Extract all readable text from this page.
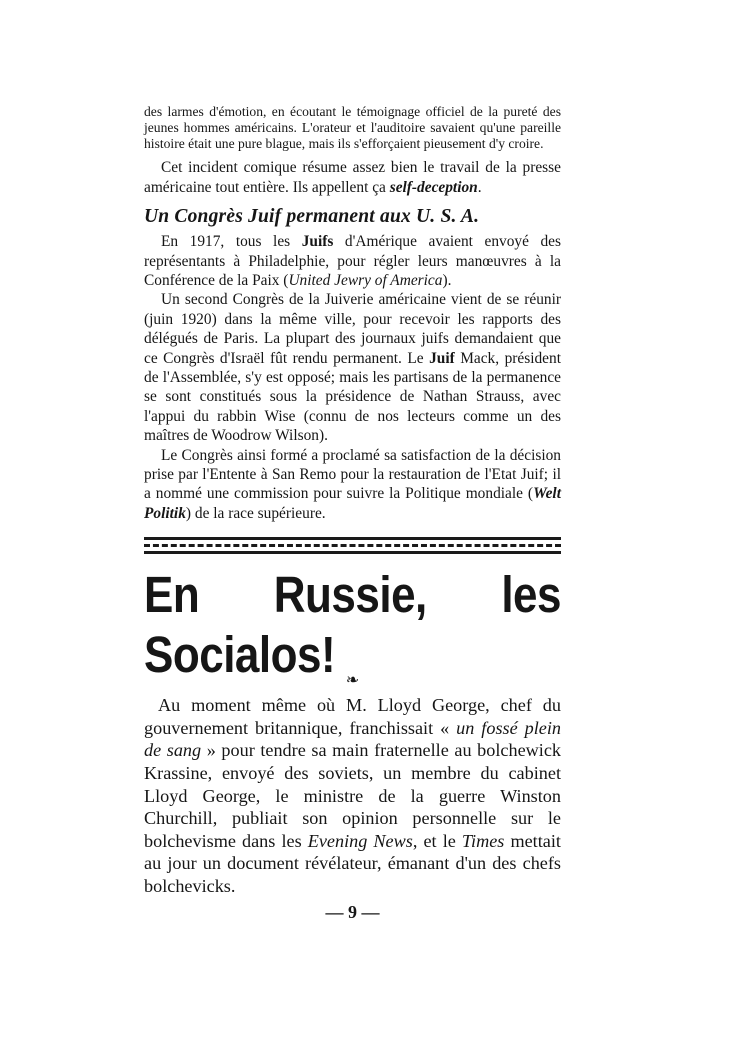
des larmes d'émotion, en écoutant le témoignage officiel de la pureté des jeunes hommes américains. L'orateur et l'auditoire savaient qu'une pareille histoire était une pure blague, mais ils s'efforçaient pieusement d'y croire.

Cet incident comique résume assez bien le travail de la presse américaine tout entière. Ils appellent ça self-deception.

Un Congrès Juif permanent aux U. S. A.

En 1917, tous les Juifs d'Amérique avaient envoyé des représentants à Philadelphie, pour régler leurs manœuvres à la Conférence de la Paix (United Jewry of America).

Un second Congrès de la Juiverie américaine vient de se réunir (juin 1920) dans la même ville, pour recevoir les rapports des délégués de Paris. La plupart des journaux juifs demandaient que ce Congrès d'Israël fût rendu permanent. Le Juif Mack, président de l'Assemblée, s'y est opposé; mais les partisans de la permanence se sont constitués sous la présidence de Nathan Strauss, avec l'appui du rabbin Wise (connu de nos lecteurs comme un des maîtres de Woodrow Wilson).

Le Congrès ainsi formé a proclamé sa satisfaction de la décision prise par l'Entente à San Remo pour la restauration de l'Etat Juif; il a nommé une commission pour suivre la Politique mondiale (Welt Politik) de la race supérieure.

En Russie, les Socialos! ❧

Au moment même où M. Lloyd George, chef du gouvernement britannique, franchissait « un fossé plein de sang » pour tendre sa main fraternelle au bolchewick Krassine, envoyé des soviets, un membre du cabinet Lloyd George, le ministre de la guerre Winston Churchill, publiait son opinion personnelle sur le bolchevisme dans les Evening News, et le Times mettait au jour un document révélateur, émanant d'un des chefs bolchevicks.

— 9 —
